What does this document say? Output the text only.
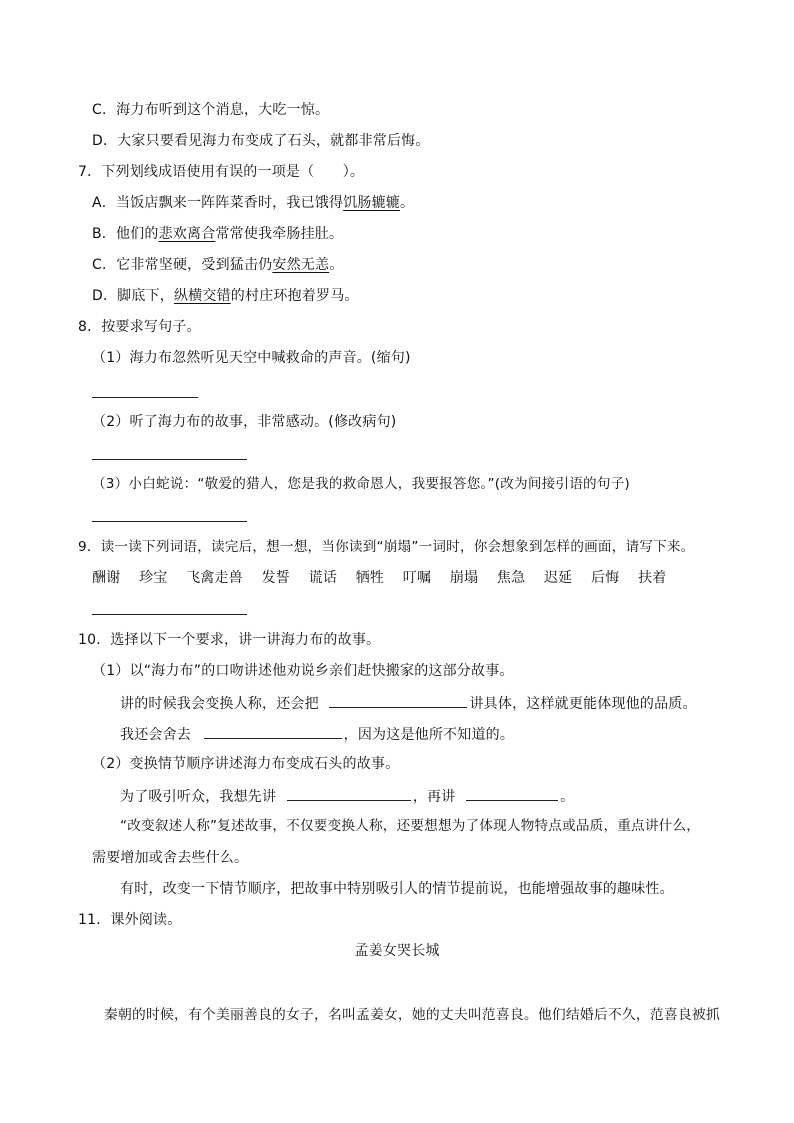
C．海力布听到这个消息，大吃一惊。
D．大家只要看见海力布变成了石头，就都非常后悔。
7．下列划线成语使用有误的一项是（　　）。
A．当饭店飘来一阵阵菜香时，我已饿得饥肠辘辘。
B．他们的悲欢离合常常使我牵肠挂肚。
C．它非常坚硬，受到猛击仍安然无恙。
D．脚底下，纵横交错的村庄环抱着罗马。
8．按要求写句子。
（1）海力布忽然听见天空中喊救命的声音。(缩句)
（2）听了海力布的故事，非常感动。(修改病句)
（3）小白蛇说：“敬爱的猎人，您是我的救命恩人，我要报答您。”(改为间接引语的句子)
9．读一读下列词语，读完后，想一想，当你读到“崩塌”一词时，你会想象到怎样的画面，请写下来。
酬谢 珍宝 飞禽走兽 发誓 谎话 牺牲 叮嘱 崩塌 焦急 迟延 后悔 扶着
10．选择以下一个要求，讲一讲海力布的故事。
（1）以“海力布”的口吻讲述他劝说乡亲们赶快搬家的这部分故事。
讲的时候我会变换人称，还会把	讲具体，这样就更能体现他的品质。
我还会舍去	，因为这是他所不知道的。
（2）变换情节顺序讲述海力布变成石头的故事。
为了吸引听众，我想先讲	，再讲	。
“改变叙述人称”复述故事，不仅要变换人称，还要想想为了体现人物特点或品质，重点讲什么，
需要增加或舍去些什么。
有时，改变一下情节顺序，把故事中特别吸引人的情节提前说，也能增强故事的趣味性。
11．课外阅读。
孟姜女哭长城
秦朝的时候，有个美丽善良的女子，名叫孟姜女，她的丈夫叫范喜良。他们结婚后不久，范喜良被抓
